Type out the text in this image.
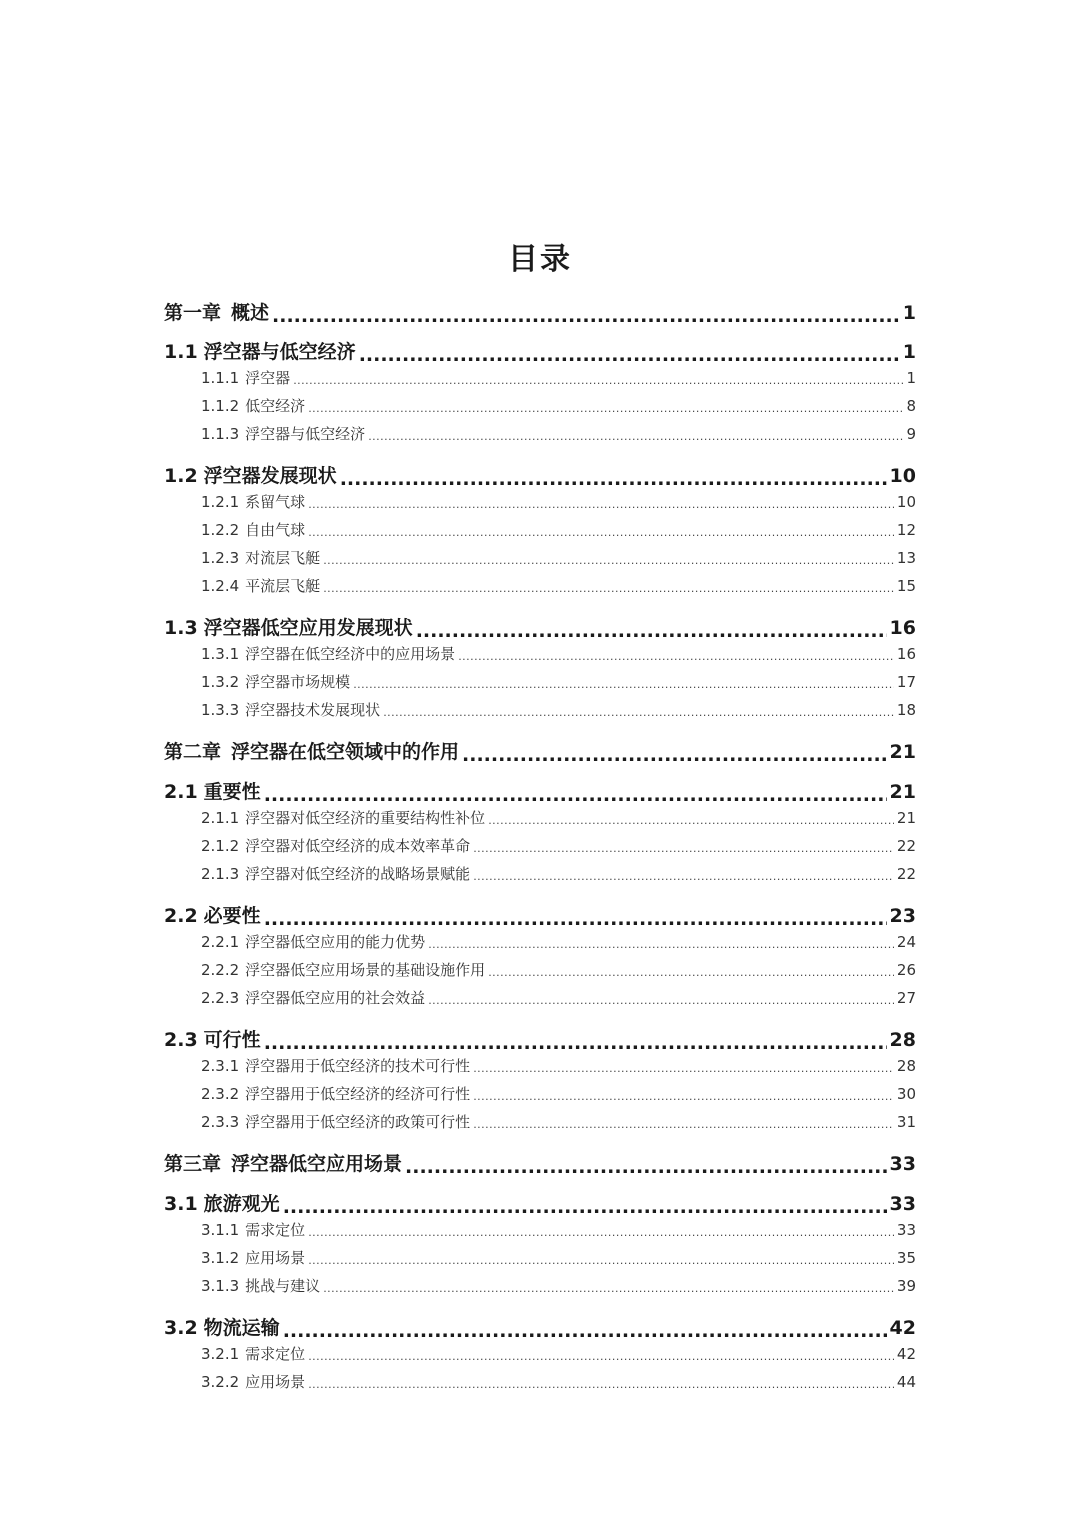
目录
第一章 概述 .....	1
1.1 浮空器与低空经济 .....	1
1.1.1 浮空器 .....	1
1.1.2 低空经济 .....	8
1.1.3 浮空器与低空经济 .....	9
1.2 浮空器发展现状 .....	10
1.2.1 系留气球 .....	10
1.2.2 自由气球 .....	12
1.2.3 对流层飞艇 .....	13
1.2.4 平流层飞艇 .....	15
1.3 浮空器低空应用发展现状 .....	16
1.3.1 浮空器在低空经济中的应用场景 .....	16
1.3.2 浮空器市场规模 .....	17
1.3.3 浮空器技术发展现状 .....	18
第二章 浮空器在低空领域中的作用 .....	21
2.1 重要性 .....	21
2.1.1 浮空器对低空经济的重要结构性补位 .....	21
2.1.2 浮空器对低空经济的成本效率革命 .....	22
2.1.3 浮空器对低空经济的战略场景赋能 .....	22
2.2 必要性 .....	23
2.2.1 浮空器低空应用的能力优势 .....	24
2.2.2 浮空器低空应用场景的基础设施作用 .....	26
2.2.3 浮空器低空应用的社会效益 .....	27
2.3 可行性 .....	28
2.3.1 浮空器用于低空经济的技术可行性 .....	28
2.3.2 浮空器用于低空经济的经济可行性 .....	30
2.3.3 浮空器用于低空经济的政策可行性 .....	31
第三章 浮空器低空应用场景 .....	33
3.1 旅游观光 .....	33
3.1.1 需求定位 .....	33
3.1.2 应用场景 .....	35
3.1.3 挑战与建议 .....	39
3.2 物流运输 .....	42
3.2.1 需求定位 .....	42
3.2.2 应用场景 .....	44
